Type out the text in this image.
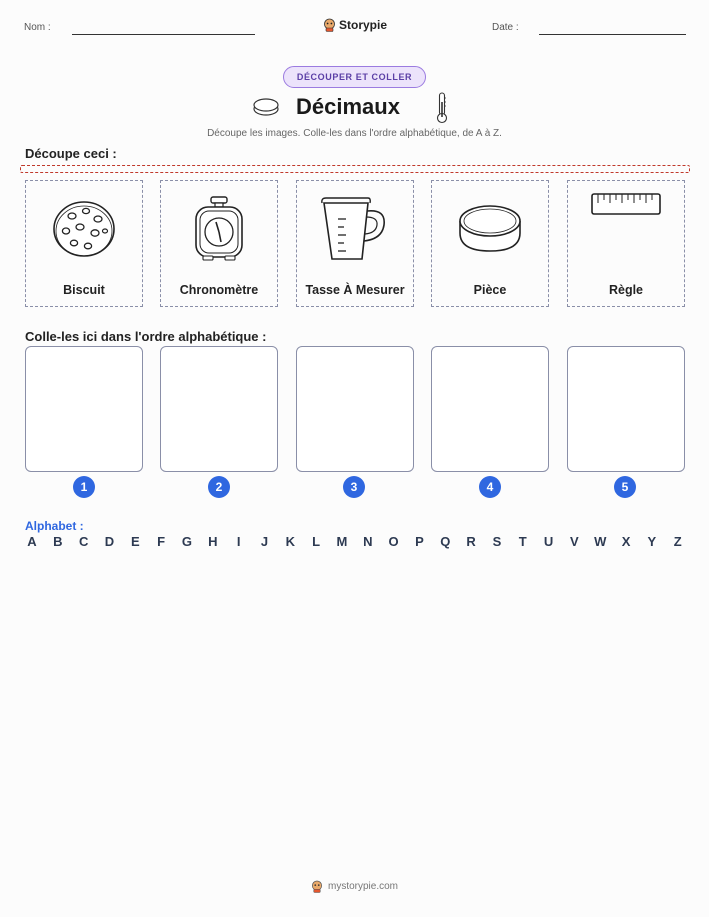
Nom :	Storypie	Date :
DÉCOUPER ET COLLER
Décimaux
Découpe les images. Colle-les dans l'ordre alphabétique, de A à Z.
Découpe ceci :
Biscuit	Chronomètre	Tasse À Mesurer	Pièce	Règle
Colle-les ici dans l'ordre alphabétique :
1	2	3	4	5
Alphabet :
A B C D E F G H	I	J K L M N O P Q R S T U V W X Y Z
mystorypie.com
